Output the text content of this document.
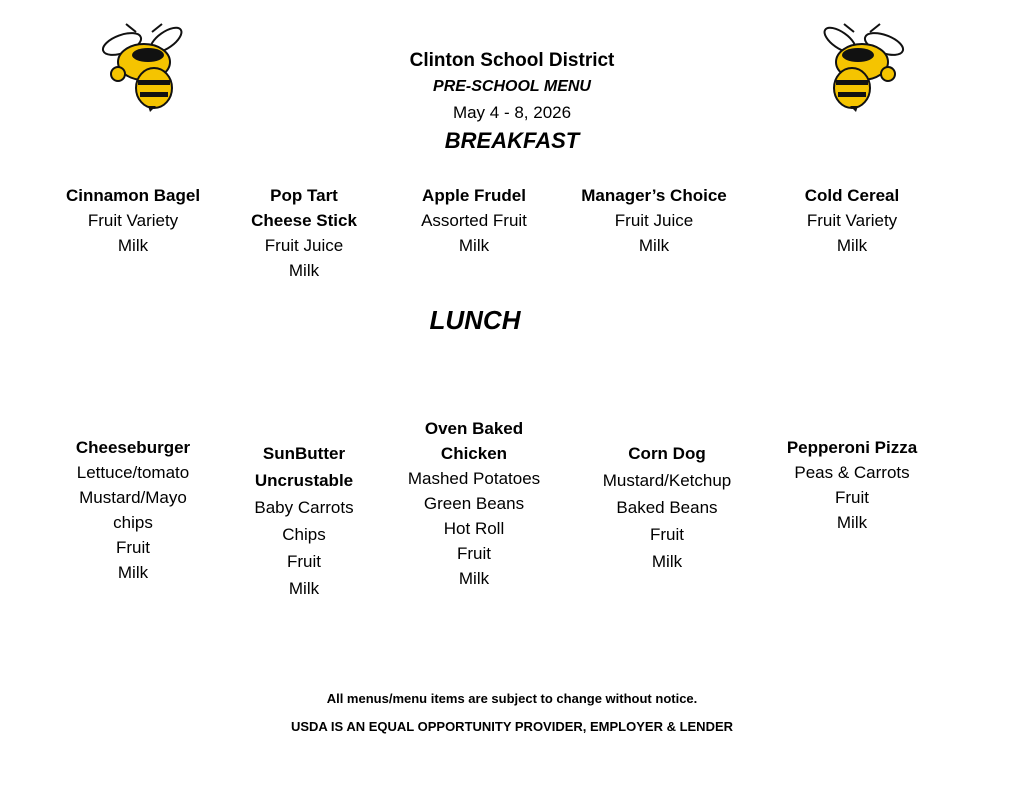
Clinton School District
PRE-SCHOOL MENU
May 4 - 8, 2026
BREAKFAST
Cinnamon Bagel
Fruit Variety
Milk
Pop Tart
Cheese Stick
Fruit Juice
Milk
Apple Frudel
Assorted Fruit
Milk
Manager’s Choice
Fruit Juice
Milk
Cold Cereal
Fruit Variety
Milk
LUNCH
Cheeseburger
Lettuce/tomato
Mustard/Mayo
chips
Fruit
Milk
SunButter
Uncrustable
Baby Carrots
Chips
Fruit
Milk
Oven Baked
Chicken
Mashed Potatoes
Green Beans
Hot Roll
Fruit
Milk
Corn Dog
Mustard/Ketchup
Baked Beans
Fruit
Milk
Pepperoni Pizza
Peas & Carrots
Fruit
Milk
All menus/menu items are subject to change without notice.
USDA IS AN EQUAL OPPORTUNITY PROVIDER, EMPLOYER & LENDER
